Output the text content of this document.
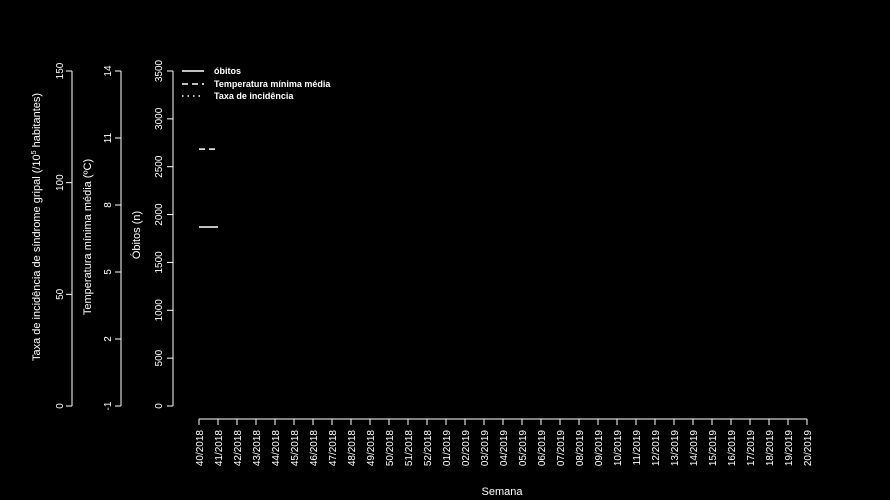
0
50
100
150
-1
2
5
8
11
14
0
500
1000
1500
2000
2500
3000
3500
40/2018 41/2018 42/2018 43/2018 44/2018 45/2018 46/2018 47/2018 48/2018 49/2018 50/2018 51/2018 52/2018 01/2019 02/2019 03/2019 04/2019 05/2019 06/2019 07/2019 08/2019 09/2019 10/2019 11/2019 12/2019 13/2019 14/2019 15/2019 16/2019 17/2019 18/2019 19/2019 20/2019
Taxa de incidência de síndrome gripal ($/10^5$ habitantes)
Temperatura mínima média (ºC)	Óbitos (n)
Semana
óbitos
Temperatura mínima média
Taxa de incidência
